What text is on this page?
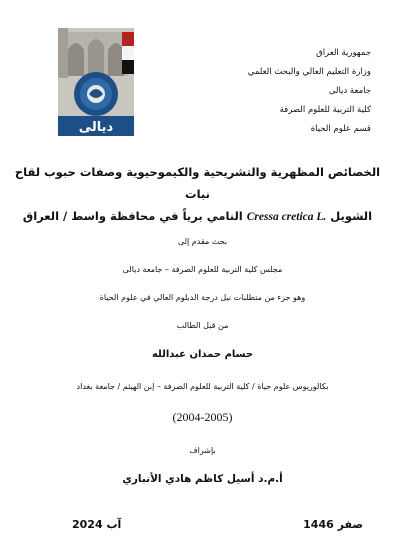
ديالى
جمهورية العراق
وزارة التعليم العالي والبحث العلمي
جامعة ديالى
كلية التربية للعلوم الصرفة
قسم علوم الحياة
الخصائص المظهرية والتشريحية والكيموحيوية وصفات حبوب لقاح نبات
الشويل Cressa cretica L. النامي برياً في محافظة واسط / العراق
بحث مقدم إلى
مجلس كلية التربية للعلوم الصرفة – جامعة ديالى
وهو جزء من متطلبات نيل درجة الدبلوم العالي في علوم الحياة
من قبل الطالب
حسام حمدان عبدالله
بكالوريوس علوم حياة / كلية التربية للعلوم الصرفة – إبن الهيثم / جامعة بغداد
(2004-2005)
بإشراف
أ.م.د أسيل كاظم هادي الأنباري
صفر 1446
آب 2024
